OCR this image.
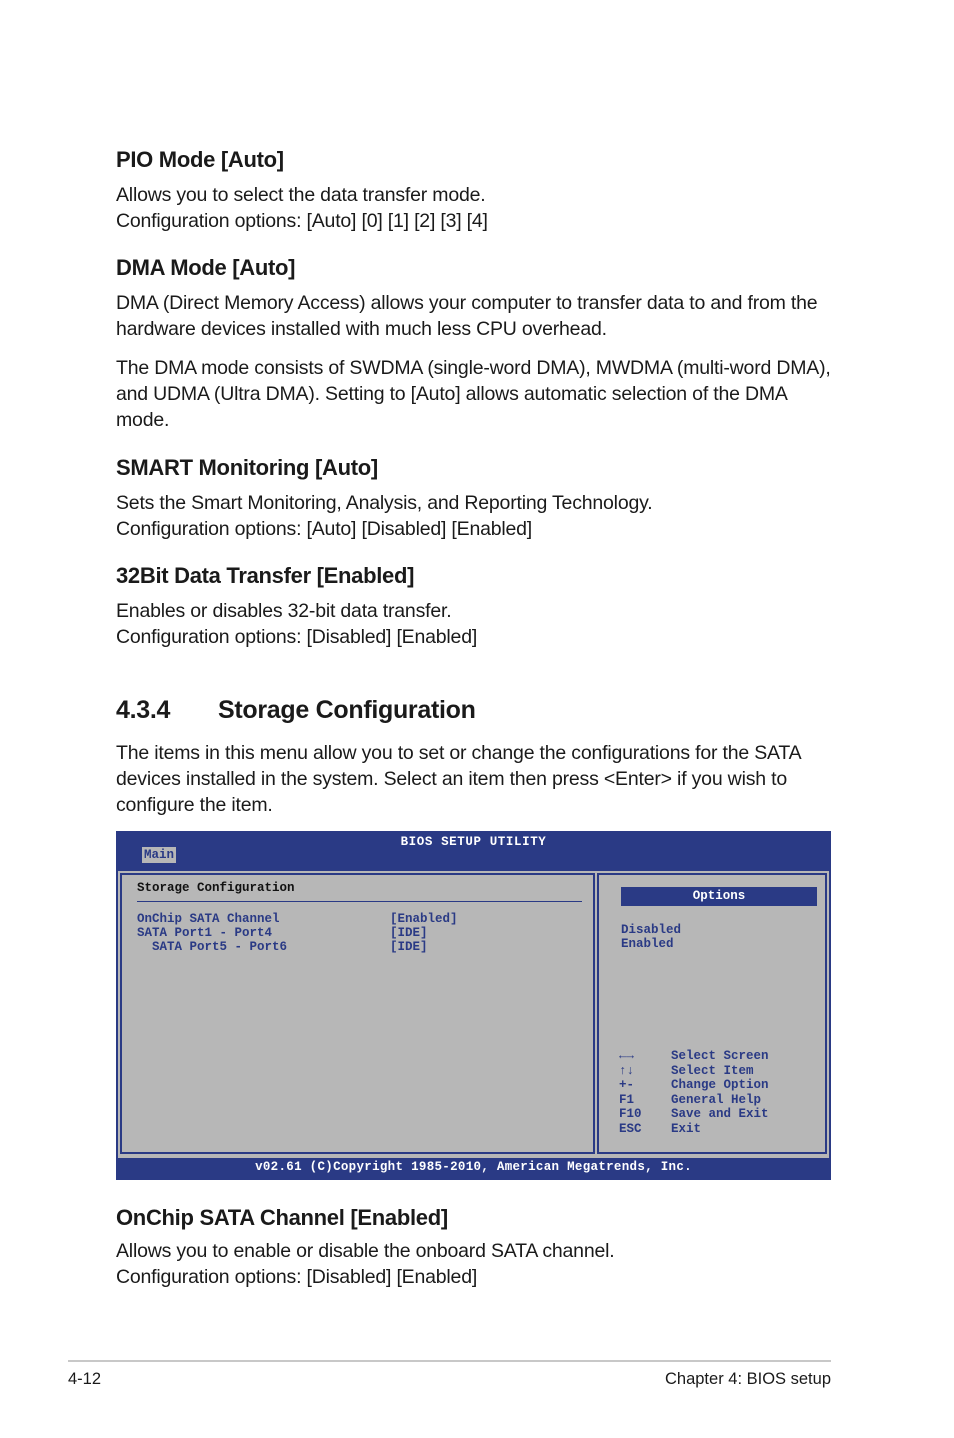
PIO Mode [Auto]

Allows you to select the data transfer mode.
Configuration options: [Auto] [0] [1] [2] [3] [4]

DMA Mode [Auto]

DMA (Direct Memory Access) allows your computer to transfer data to and from the
hardware devices installed with much less CPU overhead.

The DMA mode consists of SWDMA (single-word DMA), MWDMA (multi-word DMA),
and UDMA (Ultra DMA). Setting to [Auto] allows automatic selection of the DMA
mode.

SMART Monitoring [Auto]

Sets the Smart Monitoring, Analysis, and Reporting Technology.
Configuration options: [Auto] [Disabled] [Enabled]

32Bit Data Transfer [Enabled]

Enables or disables 32-bit data transfer.
Configuration options: [Disabled] [Enabled]

4.3.4 Storage Configuration

The items in this menu allow you to set or change the configurations for the SATA
devices installed in the system. Select an item then press <Enter> if you wish to
configure the item.

BIOS SETUP UTILITY
Main
Storage Configuration
OnChip SATA Channel	[Enabled]
SATA Port1 - Port4	[IDE]
SATA Port5 - Port6	[IDE]
Options
Disabled
Enabled
←→	Select Screen
↑↓	Select Item
+-	Change Option
F1	General Help
F10 Save and Exit
ESC Exit
v02.61 (C)Copyright 1985-2010, American Megatrends, Inc.
OnChip SATA Channel [Enabled]

Allows you to enable or disable the onboard SATA channel.
Configuration options: [Disabled] [Enabled]

4-12	Chapter 4: BIOS setup
